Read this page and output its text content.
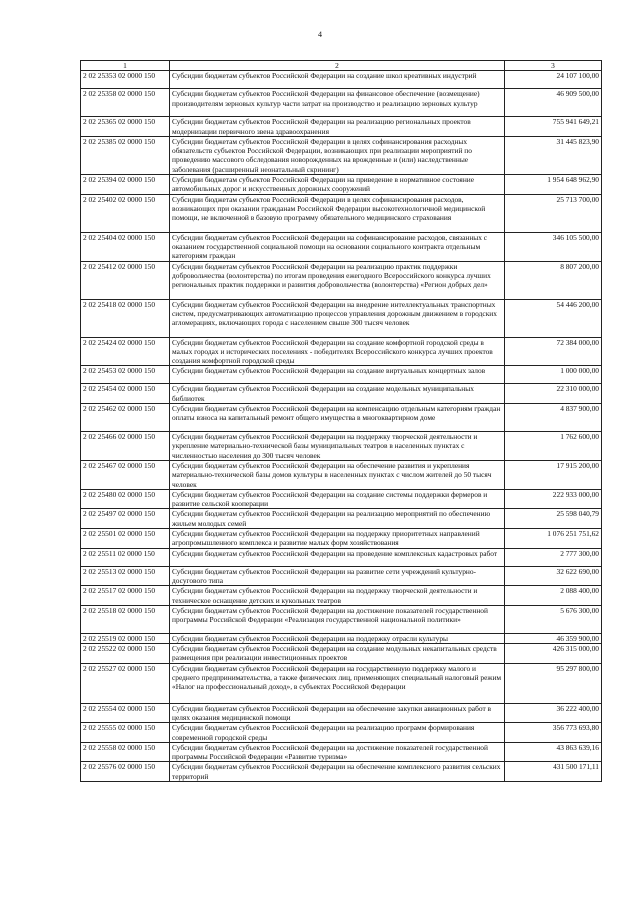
4
1	2	3
2 02 25353 02 0000 150	Субсидии бюджетам субъектов Российской Федерации на создание школ креативных индустрий	24 107 100,00
2 02 25358 02 0000 150	Субсидии бюджетам субъектов Российской Федерации на финансовое обеспечение (возмещение) производителям зерновых культур части затрат на производство и реализацию зерновых культур	46 909 500,00
2 02 25365 02 0000 150	Субсидии бюджетам субъектов Российской Федерации на реализацию региональных проектов модернизации первичного звена здравоохранения	755 941 649,21
2 02 25385 02 0000 150	Субсидии бюджетам субъектов Российской Федерации в целях софинансирования расходных обязательств субъектов Российской Федерации, возникающих при реализации мероприятий по проведению массового обследования новорожденных на врожденные и (или) наследственные заболевания (расширенный неонатальный скрининг)	31 445 823,90
2 02 25394 02 0000 150	Субсидии бюджетам субъектов Российской Федерации на приведение в нормативное состояние автомобильных дорог и искусственных дорожных сооружений	1 954 648 962,90
2 02 25402 02 0000 150	Субсидии бюджетам субъектов Российской Федерации в целях софинансирования расходов, возникающих при оказании гражданам Российской Федерации высокотехнологичной медицинской помощи, не включенной в базовую программу обязательного медицинского страхования	25 713 700,00
2 02 25404 02 0000 150	Субсидии бюджетам субъектов Российской Федерации на софинансирование расходов, связанных с оказанием государственной социальной помощи на основании социального контракта отдельным категориям граждан	346 105 500,00
2 02 25412 02 0000 150	Субсидии бюджетам субъектов Российской Федерации на реализацию практик поддержки добровольчества (волонтерства) по итогам проведения ежегодного Всероссийского конкурса лучших региональных практик поддержки и развития добровольчества (волонтерства) «Регион добрых дел»	8 807 200,00
2 02 25418 02 0000 150	Субсидии бюджетам субъектов Российской Федерации на внедрение интеллектуальных транспортных систем, предусматривающих автоматизацию процессов управления дорожным движением в городских агломерациях, включающих города с населением свыше 300 тысяч человек	54 446 200,00
2 02 25424 02 0000 150	Субсидии бюджетам субъектов Российской Федерации на создание комфортной городской среды в малых городах и исторических поселениях - победителях Всероссийского конкурса лучших проектов создания комфортной городской среды	72 384 000,00
2 02 25453 02 0000 150	Субсидии бюджетам субъектов Российской Федерации на создание виртуальных концертных залов	1 000 000,00
2 02 25454 02 0000 150	Субсидии бюджетам субъектов Российской Федерации на создание модельных муниципальных библиотек	22 310 000,00
2 02 25462 02 0000 150	Субсидии бюджетам субъектов Российской Федерации на компенсацию отдельным категориям граждан оплаты взноса на капитальный ремонт общего имущества в многоквартирном доме	4 837 900,00
2 02 25466 02 0000 150	Субсидии бюджетам субъектов Российской Федерации на поддержку творческой деятельности и укрепление материально-технической базы муниципальных театров в населенных пунктах с численностью населения до 300 тысяч человек	1 762 600,00
2 02 25467 02 0000 150	Субсидии бюджетам субъектов Российской Федерации на обеспечение развития и укрепления материально-технической базы домов культуры в населенных пунктах с числом жителей до 50 тысяч человек	17 915 200,00
2 02 25480 02 0000 150	Субсидии бюджетам субъектов Российской Федерации на создание системы поддержки фермеров и развитие сельской кооперации	222 933 000,00
2 02 25497 02 0000 150	Субсидии бюджетам субъектов Российской Федерации на реализацию мероприятий по обеспечению жильем молодых семей	25 598 040,79
2 02 25501 02 0000 150	Субсидии бюджетам субъектов Российской Федерации на поддержку приоритетных направлений агропромышленного комплекса и развитие малых форм хозяйствования	1 076 251 751,62
2 02 25511 02 0000 150	Субсидии бюджетам субъектов Российской Федерации на проведение комплексных кадастровых работ	2 777 300,00
2 02 25513 02 0000 150	Субсидии бюджетам субъектов Российской Федерации на развитие сети учреждений культурно-досугового типа	32 622 690,00
2 02 25517 02 0000 150	Субсидии бюджетам субъектов Российской Федерации на поддержку творческой деятельности и техническое оснащение детских и кукольных театров	2 088 400,00
2 02 25518 02 0000 150	Субсидии бюджетам субъектов Российской Федерации на достижение показателей государственной программы Российской Федерации «Реализация государственной национальной политики»	5 676 300,00
2 02 25519 02 0000 150	Субсидии бюджетам субъектов Российской Федерации на поддержку отрасли культуры	46 359 900,00
2 02 25522 02 0000 150	Субсидии бюджетам субъектов Российской Федерации на создание модульных некапитальных средств размещения при реализации инвестиционных проектов	426 315 000,00
2 02 25527 02 0000 150	Субсидии бюджетам субъектов Российской Федерации на государственную поддержку малого и среднего предпринимательства, а также физических лиц, применяющих специальный налоговый режим «Налог на профессиональный доход», в субъектах Российской Федерации	95 297 800,00
2 02 25554 02 0000 150	Субсидии бюджетам субъектов Российской Федерации на обеспечение закупки авиационных работ в целях оказания медицинской помощи	36 222 400,00
2 02 25555 02 0000 150	Субсидии бюджетам субъектов Российской Федерации на реализацию программ формирования современной городской среды	356 773 693,80
2 02 25558 02 0000 150	Субсидии бюджетам субъектов Российской Федерации на достижение показателей государственной программы Российской Федерации «Развитие туризма»	43 863 639,16
2 02 25576 02 0000 150	Субсидии бюджетам субъектов Российской Федерации на обеспечение комплексного развития сельских территорий	431 500 171,11
